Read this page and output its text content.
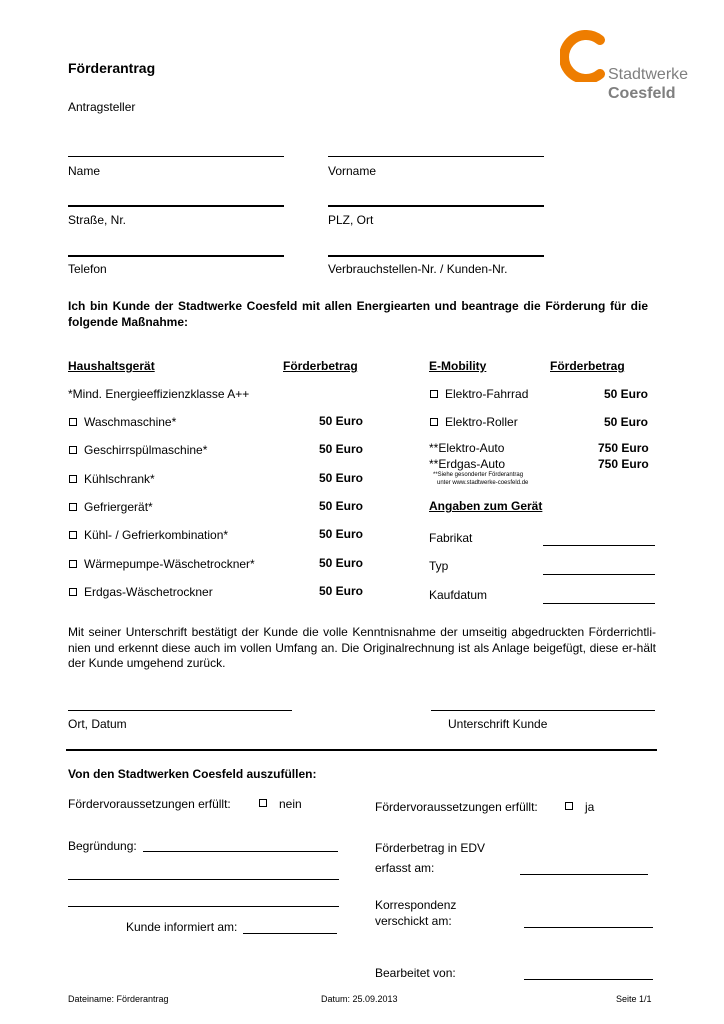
Förderantrag	Stadtwerke
Coesfeld
Antragsteller
Name	Vorname
Straße, Nr.	PLZ, Ort
Telefon	Verbrauchstellen-Nr. / Kunden-Nr.
Ich bin Kunde der Stadtwerke Coesfeld mit allen Energiearten und beantrage die Förderung für die folgende Maßnahme:
Haushaltsgerät	Förderbetrag
*Mind. Energieeffizienzklasse A++
Waschmaschine*	50 Euro
Geschirrspülmaschine*	50 Euro
Kühlschrank*	50 Euro
Gefriergerät*	50 Euro
Kühl- / Gefrierkombination*	50 Euro
Wärmepumpe-Wäschetrockner*	50 Euro
Erdgas-Wäschetrockner	50 Euro
E-Mobility	Förderbetrag
Elektro-Fahrrad	50 Euro
Elektro-Roller	50 Euro
**Elektro-Auto	750 Euro
**Erdgas-Auto	750 Euro
**Siehe gesonderter Förderantrag
unter www.stadtwerke-coesfeld.de
Angaben zum Gerät
Fabrikat
Typ
Kaufdatum
Mit seiner Unterschrift bestätigt der Kunde die volle Kenntnisnahme der umseitig abgedruckten Förderrichtli-nien und erkennt diese auch im vollen Umfang an. Die Originalrechnung ist als Anlage beigefügt, diese er-hält der Kunde umgehend zurück.
Ort, Datum	Unterschrift Kunde
Von den Stadtwerken Coesfeld auszufüllen:
Fördervoraussetzungen erfüllt:	nein	Fördervoraussetzungen erfüllt:	ja
Begründung:
Kunde informiert am:
Förderbetrag in EDV
erfasst am:
Korrespondenz
verschickt am:
Bearbeitet von:
Dateiname: Förderantrag	Datum: 25.09.2013	Seite 1/1
